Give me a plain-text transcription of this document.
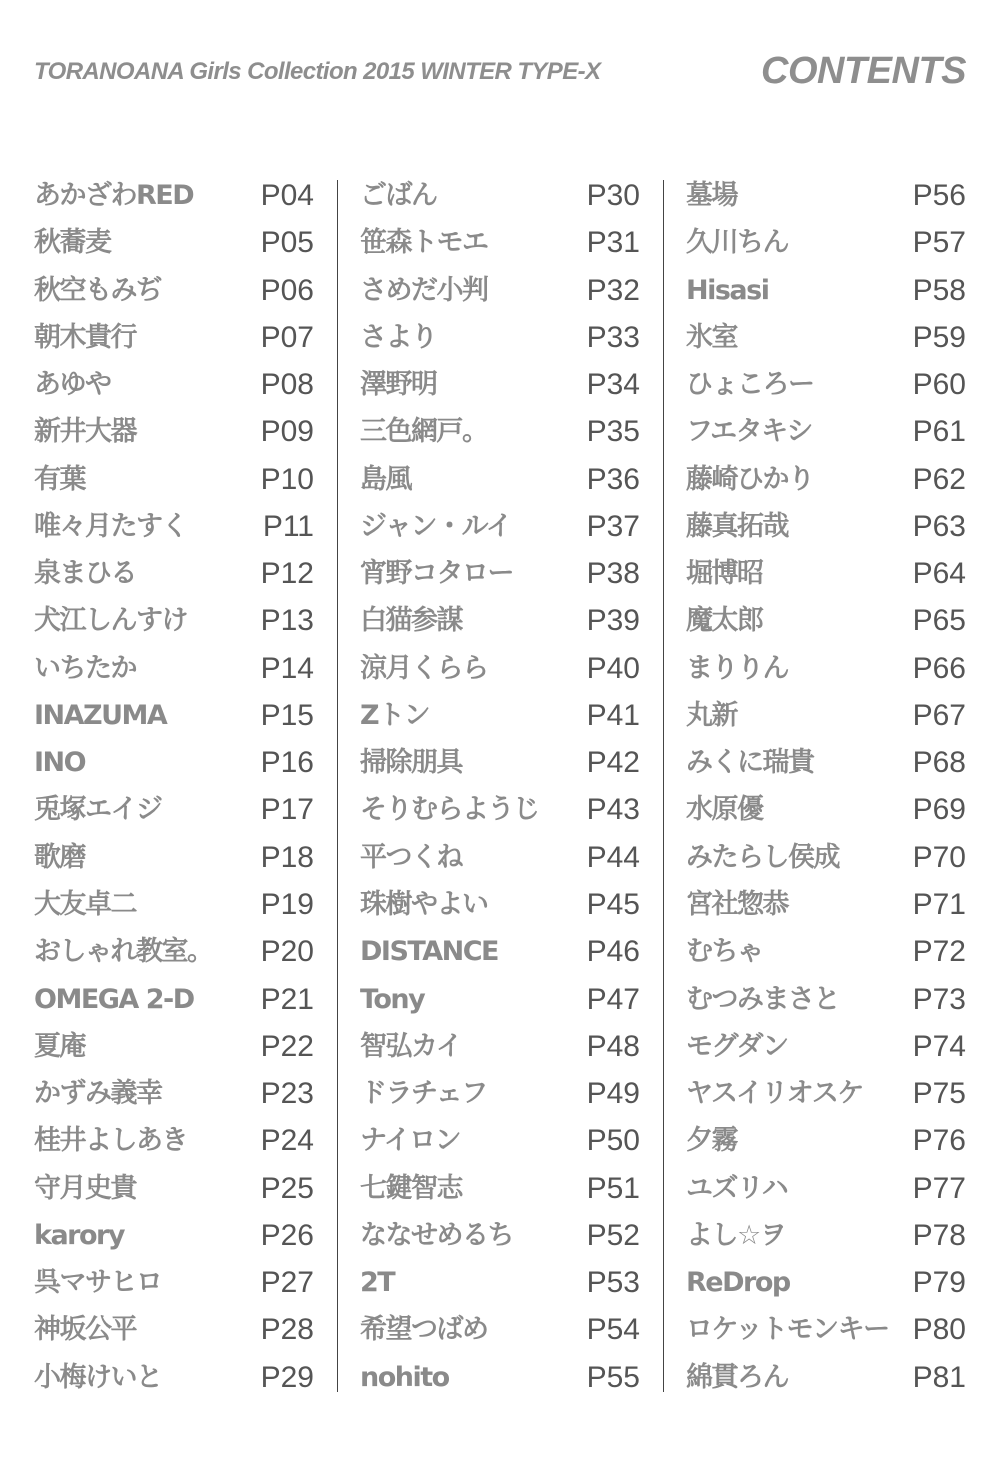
TORANOANA Girls Collection 2015 WINTER TYPE-X	CONTENTS
あかざわRED P04
秋蕎麦	P05
秋空もみぢ	P06
朝木貴行	P07
あゆや	P08
新井大器	P09
有葉	P10
唯々月たすく	P11
泉まひる	P12
犬江しんすけ P13
いちたか	P14
INAZUMA	P15
INO	P16
兎塚エイジ	P17
歌磨	P18
大友卓二	P19
おしゃれ教室。 P20
OMEGA 2-D P21
夏庵	P22
かずみ義幸	P23
桂井よしあき P24
守月史貴	P25
karory	P26
呉マサヒロ	P27
神坂公平	P28
小梅けいと	P29
ごばん	P30
笹森トモエ	P31
さめだ小判	P32
さより	P33
澤野明	P34
三色網戸。	P35
島風	P36
ジャン・ルイ	P37
宵野コタロー P38
白猫参謀	P39
涼月くらら	P40
Zトン	P41
掃除朋具	P42
そりむらようじ P43
平つくね	P44
珠樹やよい	P45
DISTANCE	P46
Tony	P47
智弘カイ	P48
ドラチェフ	P49
ナイロン	P50
七鍵智志	P51
ななせめるち P52
2T	P53
希望つばめ	P54
nohito	P55
墓場	P56
久川ちん	P57
Hisasi	P58
氷室	P59
ひょころー	P60
フエタキシ	P61
藤崎ひかり	P62
藤真拓哉	P63
堀博昭	P64
魔太郎	P65
まりりん	P66
丸新	P67
みくに瑞貴	P68
水原優	P69
みたらし侯成 P70
宮社惣恭	P71
むちゃ	P72
むつみまさと P73
モグダン	P74
ヤスイリオスケ P75
夕霧	P76
ユズリハ	P77
よし☆ヲ	P78
ReDrop	P79
ロケットモンキー P80
綿貫ろん	P81
